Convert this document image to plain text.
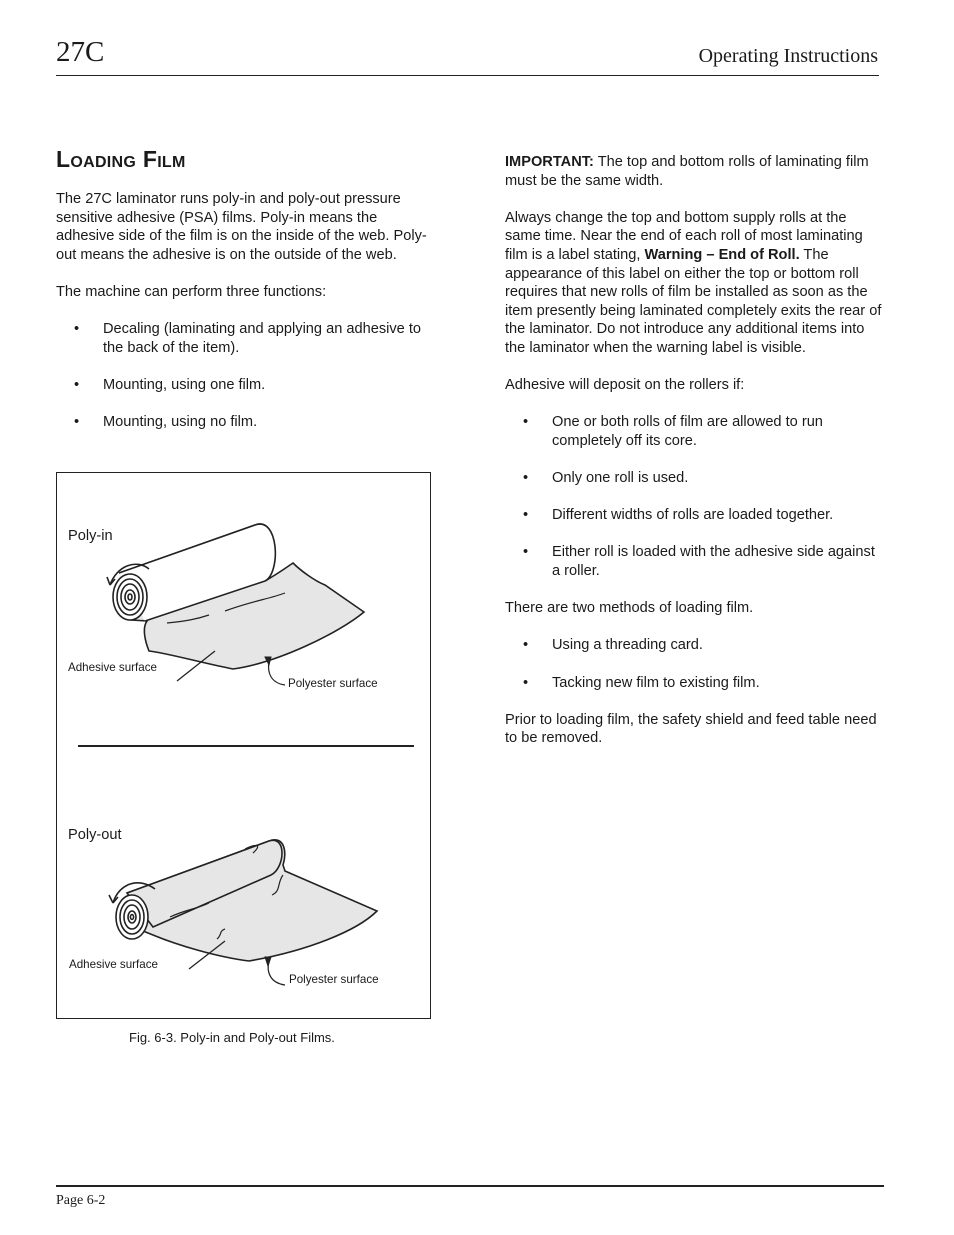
27C	Operating Instructions
Loading Film

The 27C laminator runs poly-in and poly-out pressure sensitive adhesive (PSA) films. Poly-in means the adhesive side of the film is on the inside of the web. Poly-out means the adhesive is on the outside of the web.

The machine can perform three functions:

• Decaling (laminating and applying an adhesive to the back of the item).
• Mounting, using one film.
• Mounting, using no film.
Poly-in
Adhesive surface
Polyester surface
Poly-out
Adhesive surface
Polyester surface
Fig. 6-3. Poly-in and Poly-out Films.

IMPORTANT: The top and bottom rolls of laminating film must be the same width.

Always change the top and bottom supply rolls at the same time. Near the end of each roll of most laminating film is a label stating, Warning – End of Roll. The appearance of this label on either the top or bottom roll requires that new rolls of film be installed as soon as the item presently being laminated completely exits the rear of the laminator. Do not introduce any additional items into the laminator when the warning label is visible.

Adhesive will deposit on the rollers if:

• One or both rolls of film are allowed to run completely off its core.
• Only one roll is used.
• Different widths of rolls are loaded together.
• Either roll is loaded with the adhesive side against a roller.

There are two methods of loading film.

• Using a threading card.
• Tacking new film to existing film.

Prior to loading film, the safety shield and feed table need to be removed.

Page 6-2
